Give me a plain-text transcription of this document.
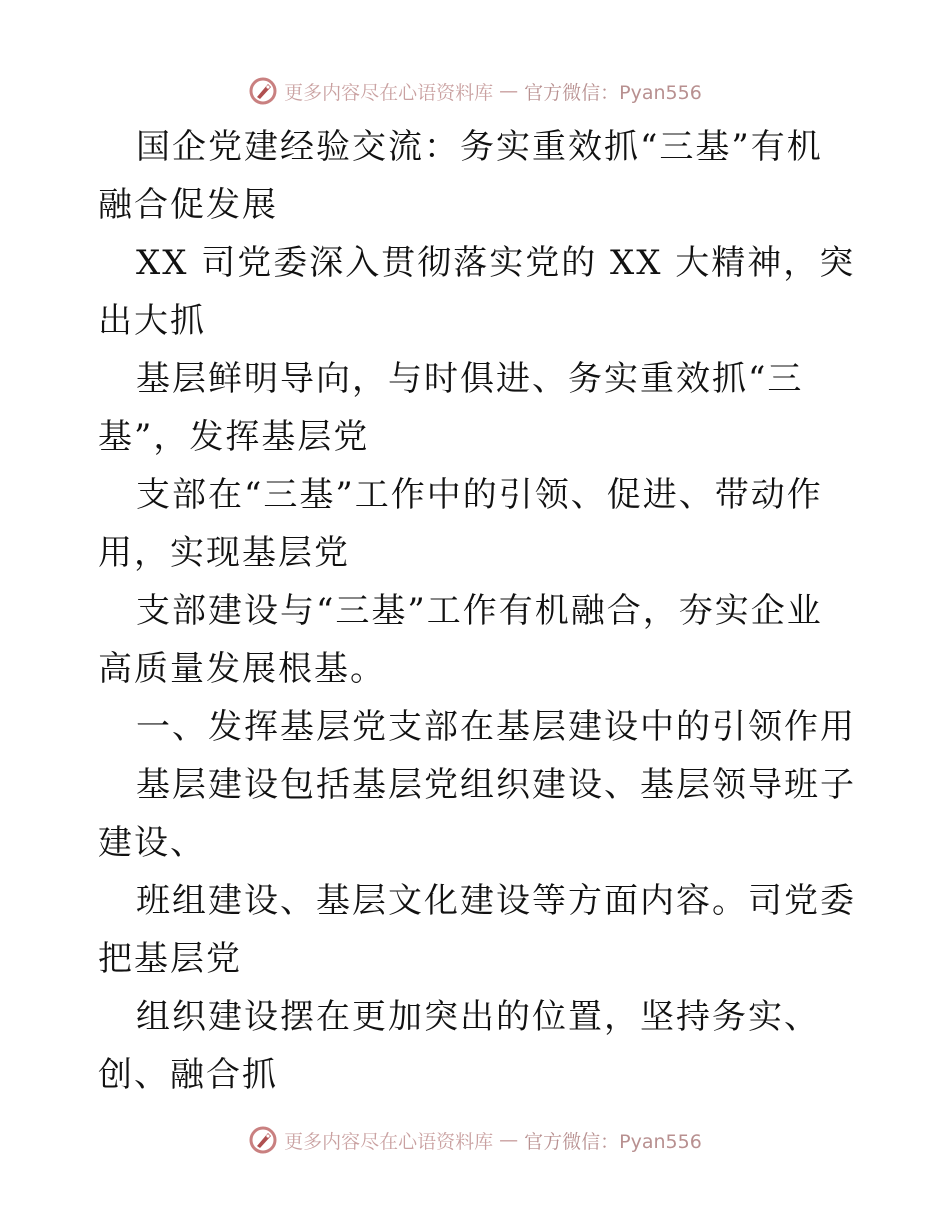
更多内容尽在心语资料库 — 官方微信：Pyan556

国企党建经验交流：务实重效抓“三基”有机融合促发展

XX 司党委深入贯彻落实党的 XX 大精神，突出大抓

基层鲜明导向，与时俱进、务实重效抓“三基”，发挥基层党

支部在“三基”工作中的引领、促进、带动作用，实现基层党

支部建设与“三基”工作有机融合，夯实企业高质量发展根基。

一、发挥基层党支部在基层建设中的引领作用

基层建设包括基层党组织建设、基层领导班子建设、

班组建设、基层文化建设等方面内容。司党委把基层党

组织建设摆在更加突出的位置，坚持务实、创、融合抓

更多内容尽在心语资料库 — 官方微信：Pyan556
